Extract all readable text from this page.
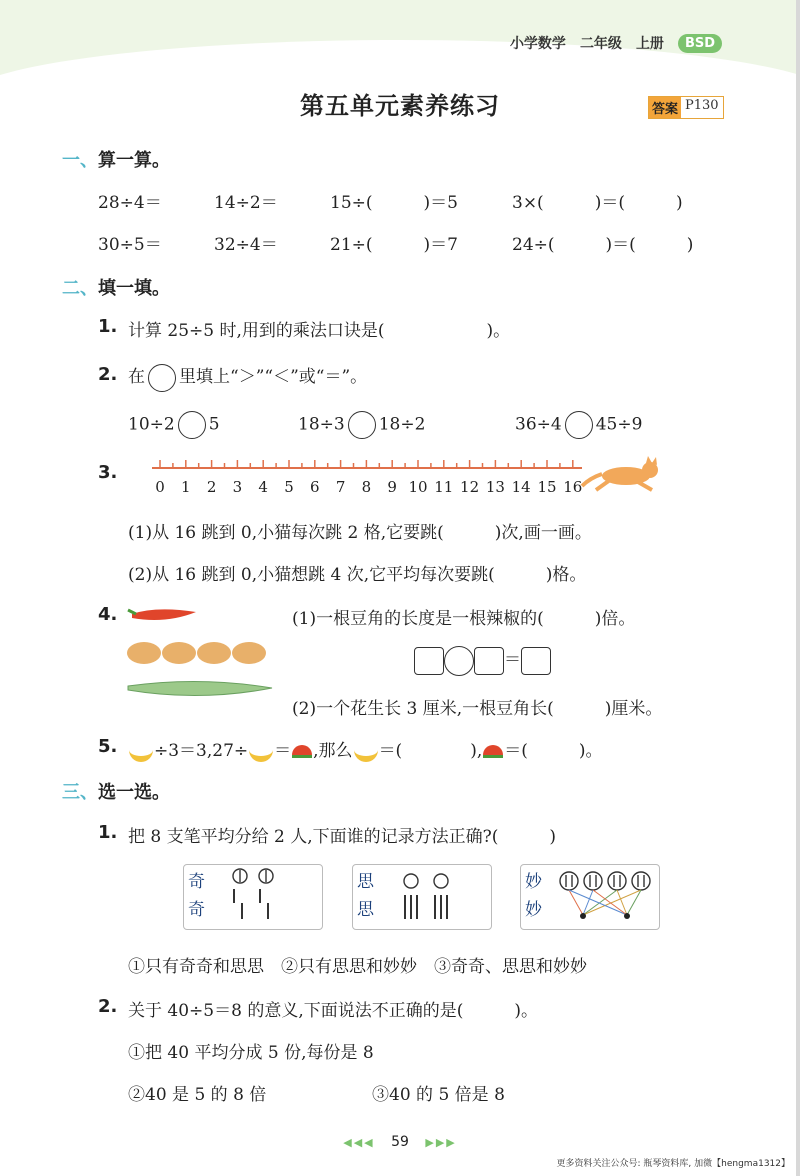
小学数学 二年级 上册	BSD
第五单元素养练习	答案 P130
一、算一算。
28÷4＝	14÷2＝	15÷(　　　)＝5	3×(　　　)＝(　　　)
30÷5＝	32÷4＝	21÷(　　　)＝7	24÷(　　　)＝(　　　)
二、填一填。
1. 计算 25÷5 时,用到的乘法口诀是(　　　　　　)。
2. 在 里填上“＞”“＜”或“＝”。
10÷2 5	18÷3 18÷2	36÷4 45÷9
3.
0	1	2	3	4	5	6	7	8	9 10 11 12 13 14 15 16
(1)从 16 跳到 0,小猫每次跳 2 格,它要跳(　　　)次,画一画。
(2)从 16 跳到 0,小猫想跳 4 次,它平均每次要跳(　　　)格。
4.	(1)一根豆角的长度是一根辣椒的(　　　)倍。
＝
(2)一个花生长 3 厘米,一根豆角长(　　　)厘米。
5.	÷3＝3,27÷ ＝ ,那么 ＝(　　　　), ＝(　　　)。
三、选一选。
1. 把 8 支笔平均分给 2 人,下面谁的记录方法正确?(　　　)
奇
奇
思
思
妙
妙
①只有奇奇和思思　②只有思思和妙妙　③奇奇、思思和妙妙
2. 关于 40÷5＝8 的意义,下面说法不正确的是(　　　)。
①把 40 平均分成 5 份,每份是 8
②40 是 5 的 8 倍	③40 的 5 倍是 8
◀◀◀ 59 ▶▶▶
更多资料关注公众号: 瓶琴资料库, 加微【hengma1312】
